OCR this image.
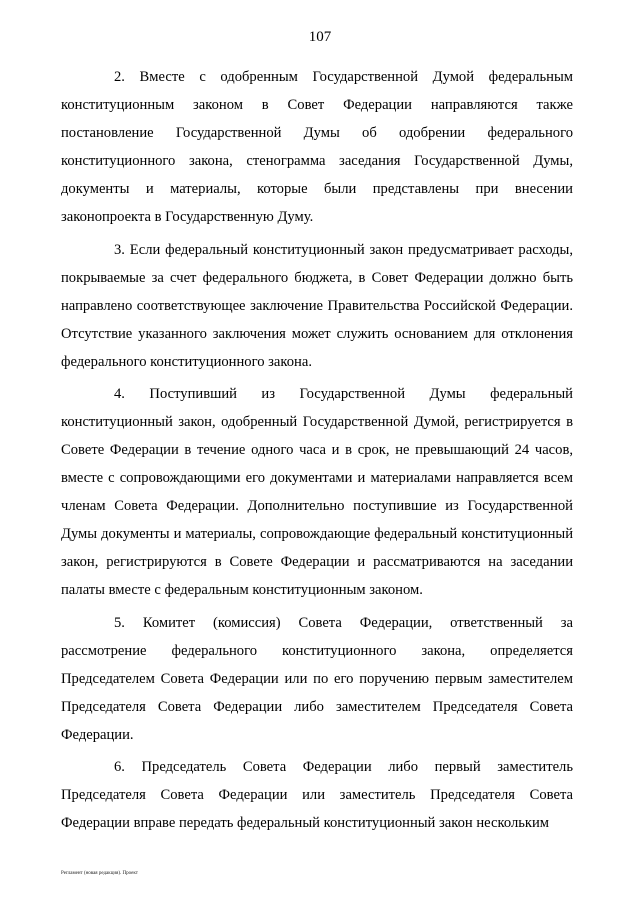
107

2. Вместе с одобренным Государственной Думой федеральным конституционным законом в Совет Федерации направляются также постановление Государственной Думы об одобрении федерального конституционного закона, стенограмма заседания Государственной Думы, документы и материалы, которые были представлены при внесении законопроекта в Государственную Думу.

3. Если федеральный конституционный закон предусматривает расходы, покрываемые за счет федерального бюджета, в Совет Федерации должно быть направлено соответствующее заключение Правительства Российской Федерации. Отсутствие указанного заключения может служить основанием для отклонения федерального конституционного закона.

4. Поступивший из Государственной Думы федеральный конституционный закон, одобренный Государственной Думой, регистрируется в Совете Федерации в течение одного часа и в срок, не превышающий 24 часов, вместе с сопровождающими его документами и материалами направляется всем членам Совета Федерации. Дополнительно поступившие из Государственной Думы документы и материалы, сопровождающие федеральный конституционный закон, регистрируются в Совете Федерации и рассматриваются на заседании палаты вместе с федеральным конституционным законом.

5. Комитет (комиссия) Совета Федерации, ответственный за рассмотрение федерального конституционного закона, определяется Председателем Совета Федерации или по его поручению первым заместителем Председателя Совета Федерации либо заместителем Председателя Совета Федерации.

6. Председатель Совета Федерации либо первый заместитель Председателя Совета Федерации или заместитель Председателя Совета Федерации вправе передать федеральный конституционный закон нескольким

Регламент (новая редакция). Проект
